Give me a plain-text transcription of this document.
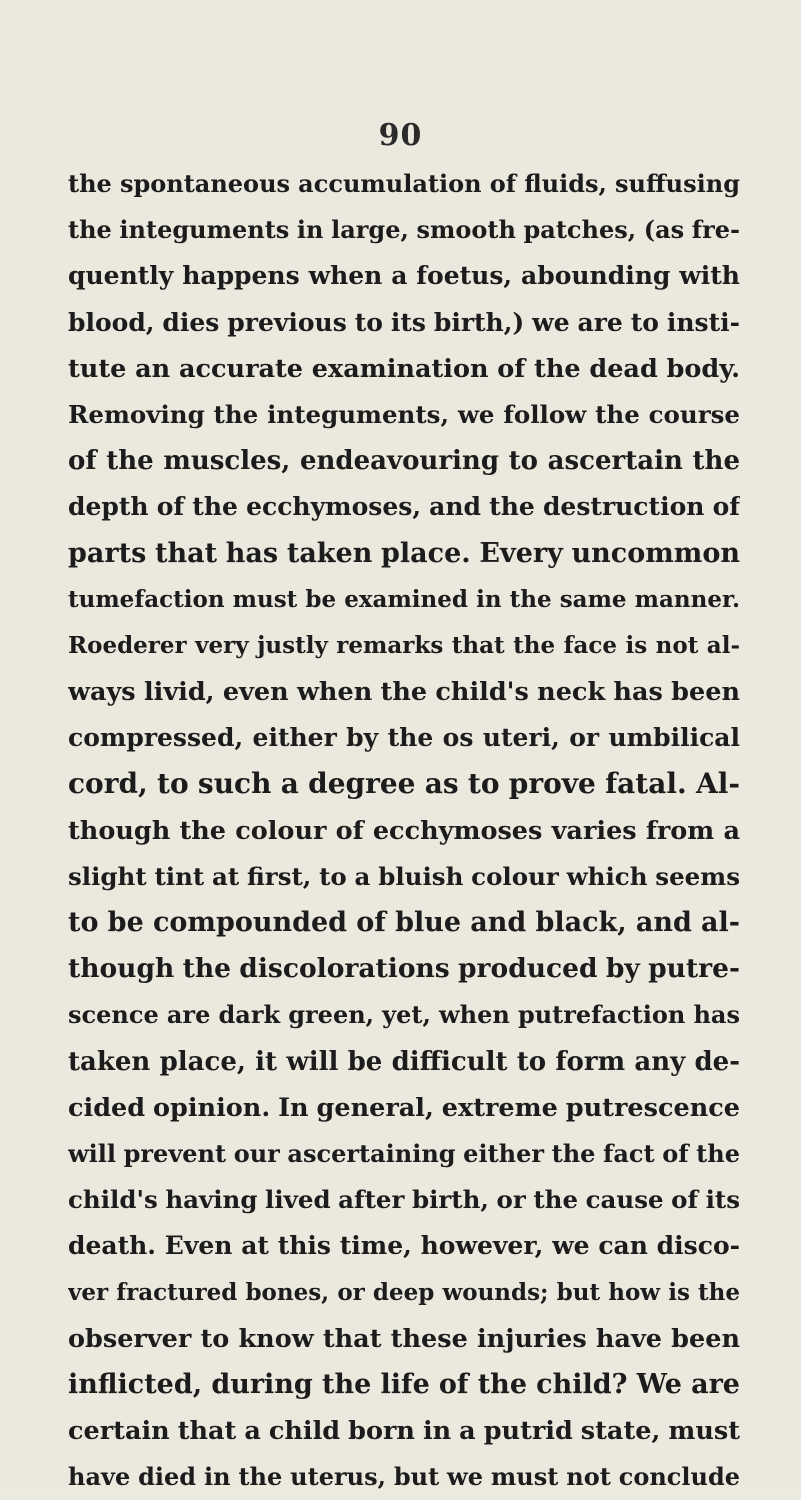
90
the spontaneous accumulation of fluids, suffusing
the integuments in large, smooth patches, (as fre-
quently happens when a foetus, abounding with
blood, dies previous to its birth,) we are to insti-
tute an accurate examination of the dead body.
Removing the integuments, we follow the course
of the muscles, endeavouring to ascertain the
depth of the ecchymoses, and the destruction of
parts that has taken place. Every uncommon
tumefaction must be examined in the same manner.
Roederer very justly remarks that the face is not al-
ways livid, even when the child's neck has been
compressed, either by the os uteri, or umbilical
cord, to such a degree as to prove fatal. Al-
though the colour of ecchymoses varies from a
slight tint at first, to a bluish colour which seems
to be compounded of blue and black, and al-
though the discolorations produced by putre-
scence are dark green, yet, when putrefaction has
taken place, it will be difficult to form any de-
cided opinion. In general, extreme putrescence
will prevent our ascertaining either the fact of the
child's having lived after birth, or the cause of its
death. Even at this time, however, we can disco-
ver fractured bones, or deep wounds; but how is the
observer to know that these injuries have been
inflicted, during the life of the child? We are
certain that a child born in a putrid state, must
have died in the uterus, but we must not conclude
